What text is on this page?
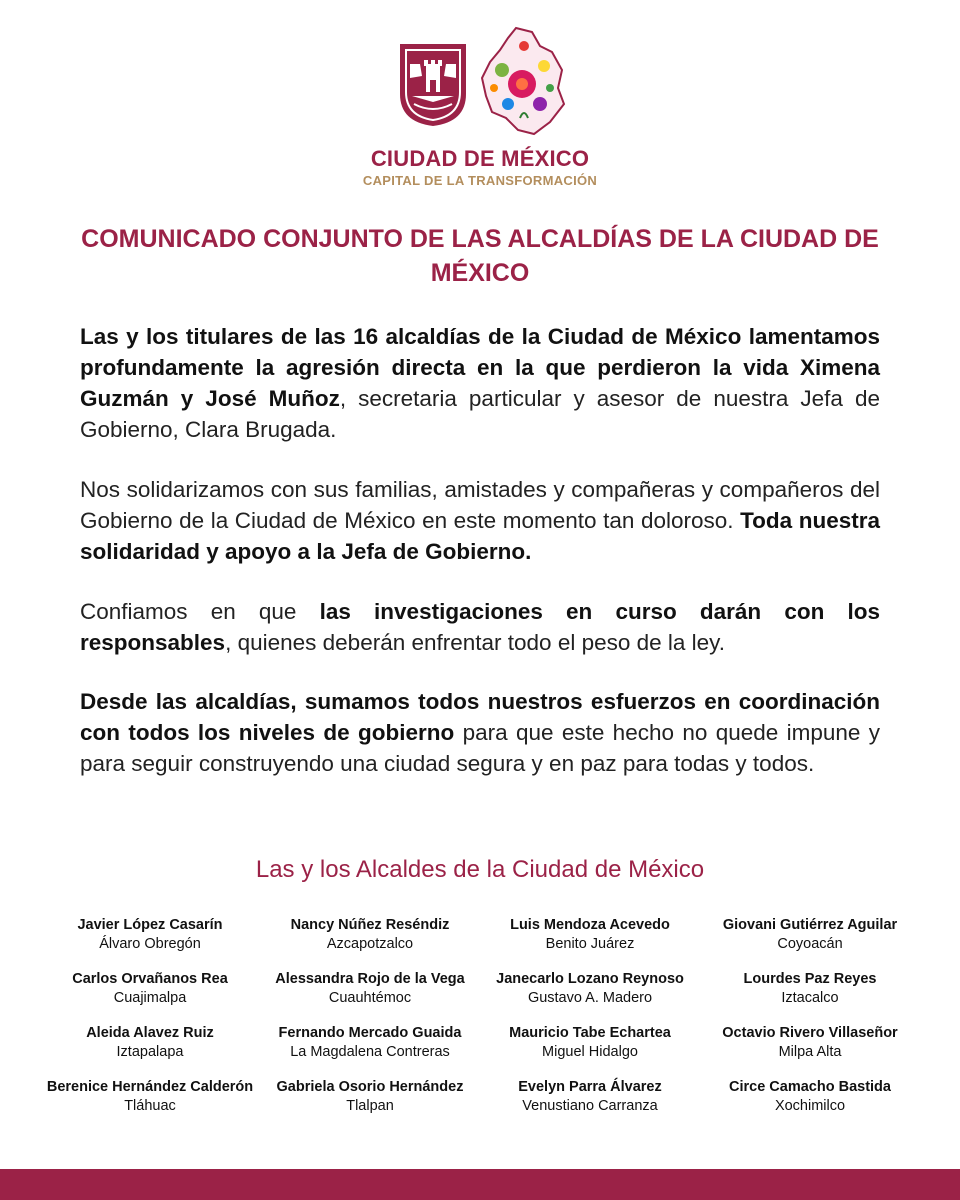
CIUDAD DE MÉXICO
CAPITAL DE LA TRANSFORMACIÓN
COMUNICADO CONJUNTO DE LAS ALCALDÍAS DE LA CIUDAD DE MÉXICO
Las y los titulares de las 16 alcaldías de la Ciudad de México lamentamos profundamente la agresión directa en la que perdieron la vida Ximena Guzmán y José Muñoz, secretaria particular y asesor de nuestra Jefa de Gobierno, Clara Brugada.
Nos solidarizamos con sus familias, amistades y compañeras y compañeros del Gobierno de la Ciudad de México en este momento tan doloroso. Toda nuestra solidaridad y apoyo a la Jefa de Gobierno.
Confiamos en que las investigaciones en curso darán con los responsables, quienes deberán enfrentar todo el peso de la ley.
Desde las alcaldías, sumamos todos nuestros esfuerzos en coordinación con todos los niveles de gobierno para que este hecho no quede impune y para seguir construyendo una ciudad segura y en paz para todas y todos.
Las y los Alcaldes de la Ciudad de México
Javier López Casarín
Álvaro Obregón
Nancy Núñez Reséndiz
Azcapotzalco
Luis Mendoza Acevedo
Benito Juárez
Giovani Gutiérrez Aguilar
Coyoacán
Carlos Orvañanos Rea
Cuajimalpa
Alessandra Rojo de la Vega
Cuauhtémoc
Janecarlo Lozano Reynoso
Gustavo A. Madero
Lourdes Paz Reyes
Iztacalco
Aleida Alavez Ruiz
Iztapalapa
Fernando Mercado Guaida
La Magdalena Contreras
Mauricio Tabe Echartea
Miguel Hidalgo
Octavio Rivero Villaseñor
Milpa Alta
Berenice Hernández Calderón
Tláhuac
Gabriela Osorio Hernández
Tlalpan
Evelyn Parra Álvarez
Venustiano Carranza
Circe Camacho Bastida
Xochimilco
